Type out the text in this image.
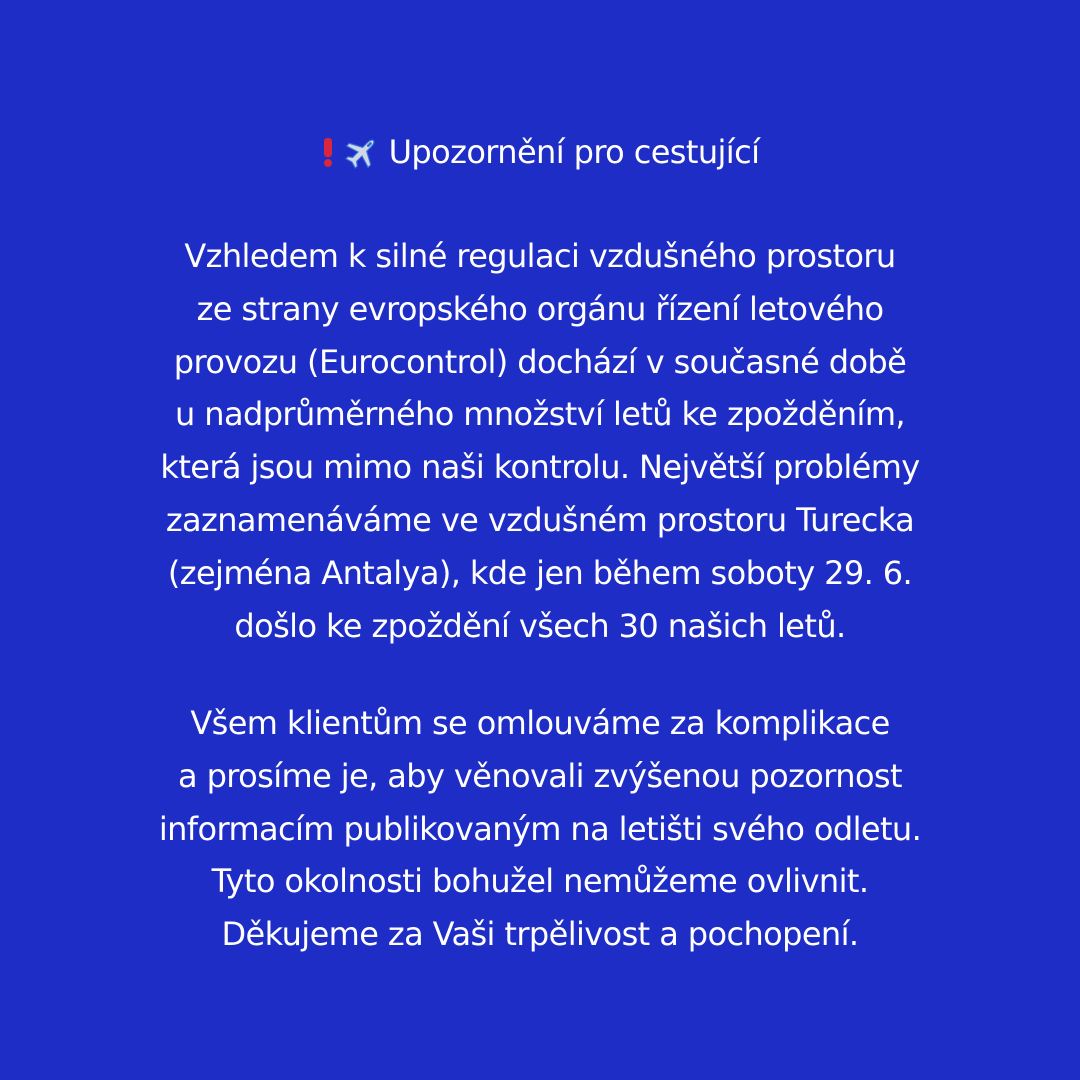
Upozornění pro cestující
Vzhledem k silné regulaci vzdušného prostoru
ze strany evropského orgánu řízení letového
provozu (Eurocontrol) dochází v současné době
u nadprůměrného množství letů ke zpožděním,
která jsou mimo naši kontrolu. Největší problémy
zaznamenáváme ve vzdušném prostoru Turecka
(zejména Antalya), kde jen během soboty 29. 6.
došlo ke zpoždění všech 30 našich letů.
Všem klientům se omlouváme za komplikace
a prosíme je, aby věnovali zvýšenou pozornost
informacím publikovaným na letišti svého odletu.
Tyto okolnosti bohužel nemůžeme ovlivnit.
Děkujeme za Vaši trpělivost a pochopení.
